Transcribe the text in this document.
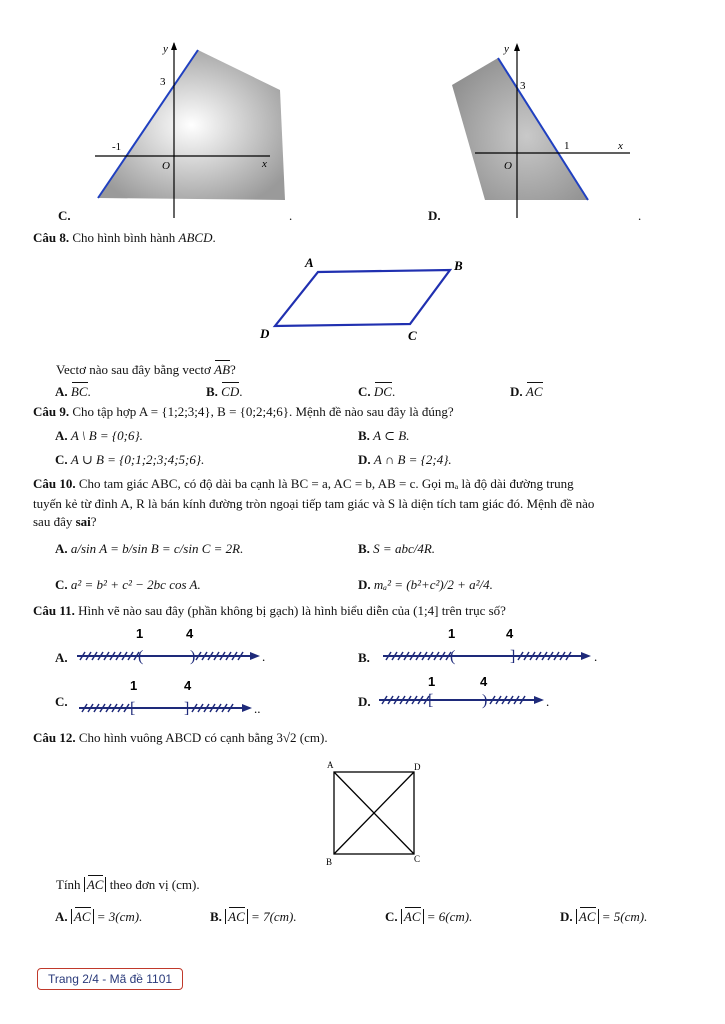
y
x
O
3
-1
C.	.
y
x
O
3
1
D.	.
Câu 8. Cho hình bình hành ABCD.
A	B
C
D
Vectơ nào sau đây bằng vectơ AB?
A. BC.	B. CD.	C. DC.	D. AC
Câu 9. Cho tập hợp A = {1;2;3;4}, B = {0;2;4;6}. Mệnh đề nào sau đây là đúng?
A. A \ B = {0;6}.	B. A ⊂ B.
C. A ∪ B = {0;1;2;3;4;5;6}.	D. A ∩ B = {2;4}.
Câu 10. Cho tam giác ABC, có độ dài ba cạnh là BC = a, AC = b, AB = c. Gọi mₐ là độ dài đường trung
tuyến kẻ từ đỉnh A, R là bán kính đường tròn ngoại tiếp tam giác và S là diện tích tam giác đó. Mệnh đề nào
sau đây sai?
A. a/sin A = b/sin B = c/sin C = 2R.	B. S = abc/4R.
C. a² = b² + c² − 2bc cos A.	D. mₐ² = (b²+c²)/2 + a²/4.
Câu 11. Hình vẽ nào sau đây (phần không bị gạch) là hình biểu diễn của (1;4] trên trục số?
A.
1	4
(	)	.	B.
1	4
(	]	.
C.
1	4
[	]	..	D.
1	4
[	)	.
Câu 12. Cho hình vuông ABCD có cạnh bằng 3√2 (cm).
A	D
B	C
Tính AC theo đơn vị (cm).
A. AC = 3(cm).	B. AC = 7(cm).	C. AC = 6(cm).	D. AC = 5(cm).
Trang 2/4 - Mã đề 1101
